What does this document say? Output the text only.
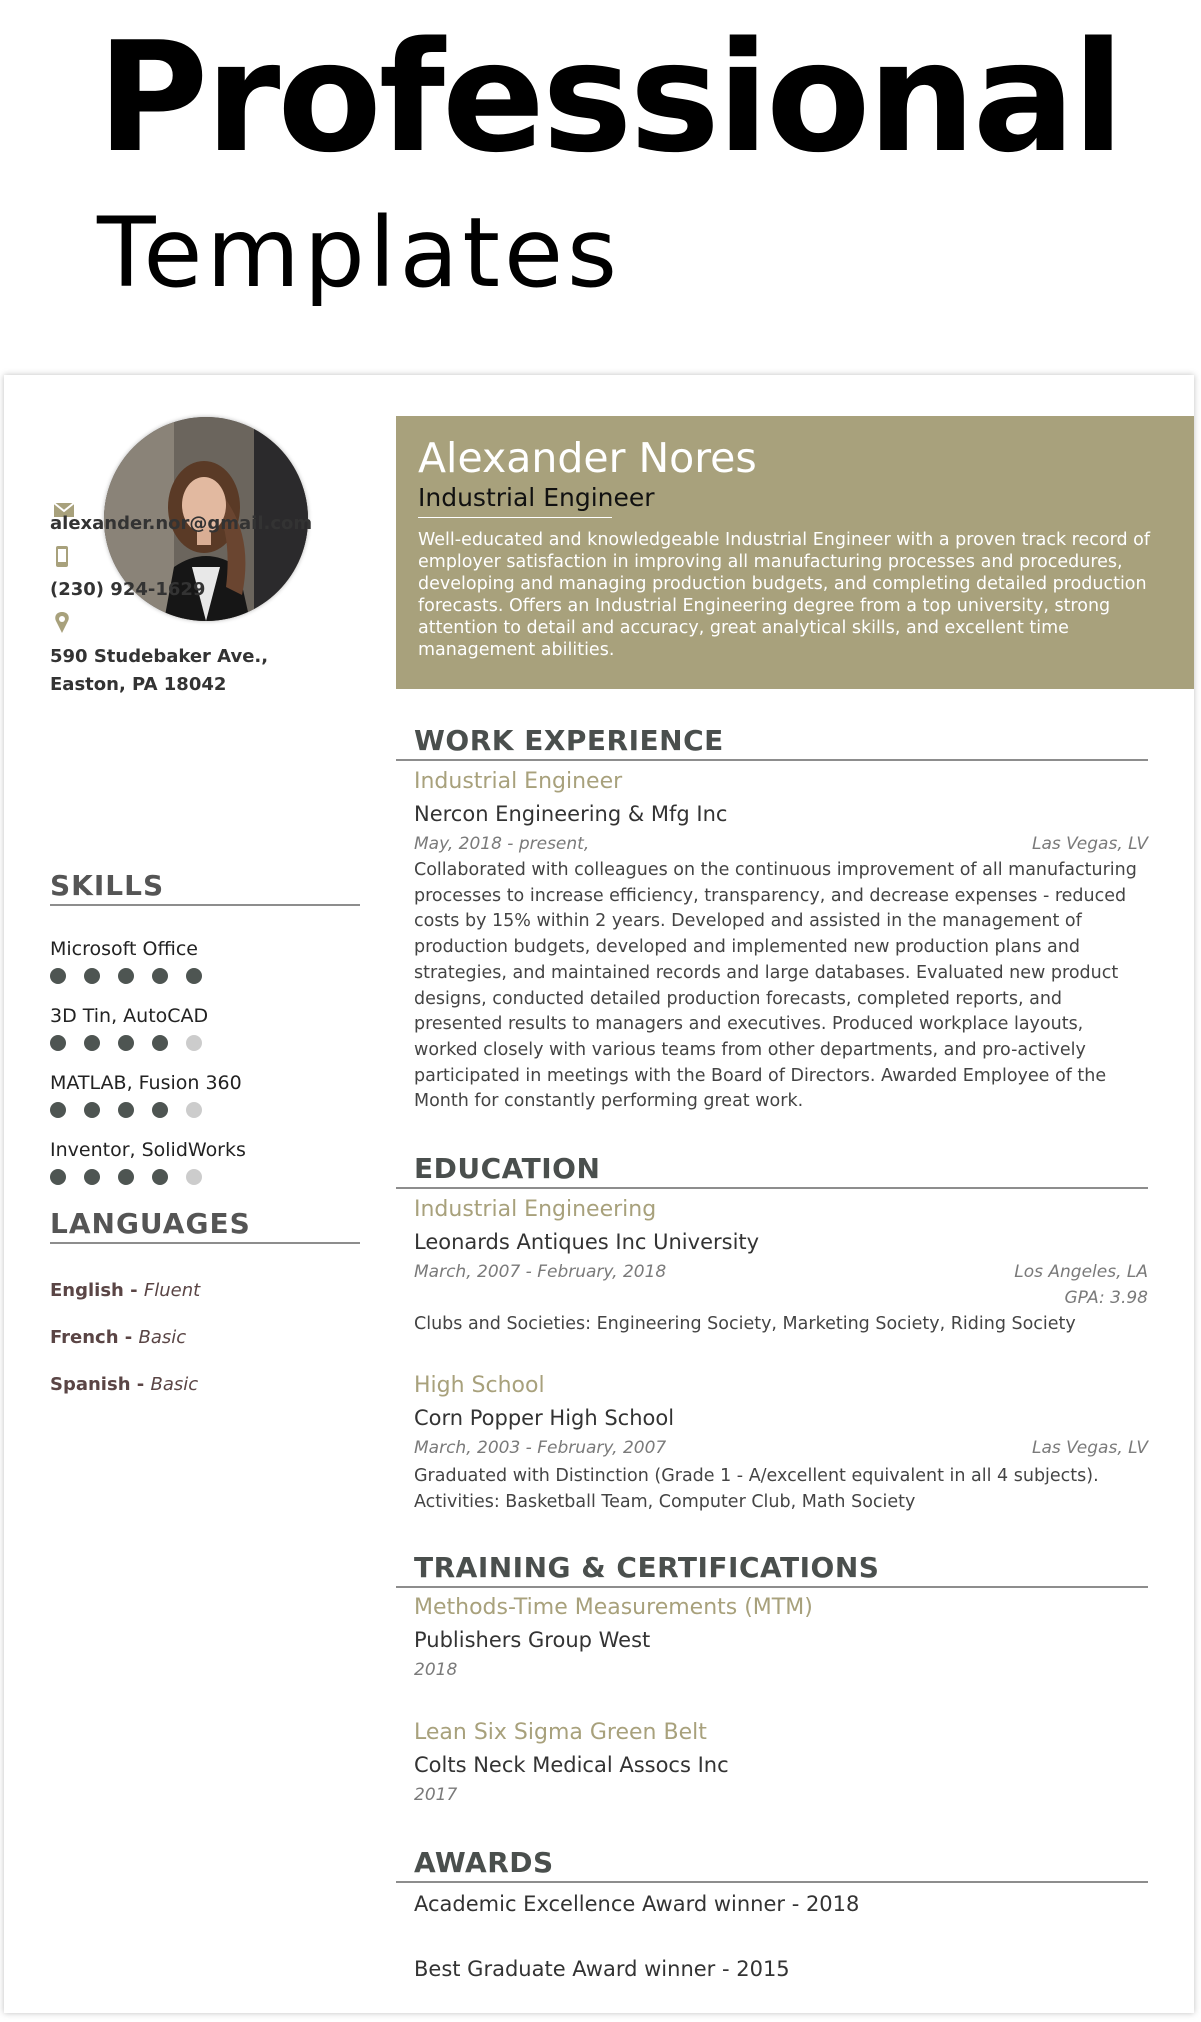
Professional
Templates
alexander.nor@gmail.com
(230) 924-1629
590 Studebaker Ave.,
Easton, PA 18042
SKILLS
LANGUAGES
English - Fluent
French - Basic
Spanish - Basic
Alexander Nores
Industrial Engineer
Well-educated and knowledgeable Industrial Engineer with a proven track record of employer satisfaction in improving all manufacturing processes and procedures, developing and managing production budgets, and completing detailed production forecasts. Offers an Industrial Engineering degree from a top university, strong attention to detail and accuracy, great analytical skills, and excellent time management abilities.
WORK EXPERIENCE
Industrial Engineer
Nercon Engineering & Mfg Inc
May, 2018 - present,	Las Vegas, LV
Collaborated with colleagues on the continuous improvement of all manufacturing processes to increase efficiency, transparency, and decrease expenses - reduced costs by 15% within 2 years. Developed and assisted in the management of production budgets, developed and implemented new production plans and strategies, and maintained records and large databases. Evaluated new product designs, conducted detailed production forecasts, completed reports, and presented results to managers and executives. Produced workplace layouts, worked closely with various teams from other departments, and pro-actively participated in meetings with the Board of Directors. Awarded Employee of the Month for constantly performing great work.
EDUCATION
Industrial Engineering
Leonards Antiques Inc University
March, 2007 - February, 2018	Los Angeles, LA
GPA: 3.98
Clubs and Societies: Engineering Society, Marketing Society, Riding Society
High School
Corn Popper High School
March, 2003 - February, 2007	Las Vegas, LV
Graduated with Distinction (Grade 1 - A/excellent equivalent in all 4 subjects). Activities: Basketball Team, Computer Club, Math Society
TRAINING & CERTIFICATIONS
Methods-Time Measurements (MTM)
Publishers Group West
2018
Lean Six Sigma Green Belt
Colts Neck Medical Assocs Inc
2017
AWARDS
Academic Excellence Award winner - 2018
Best Graduate Award winner - 2015
Microsoft Office
3D Tin, AutoCAD
MATLAB, Fusion 360
Inventor, SolidWorks
